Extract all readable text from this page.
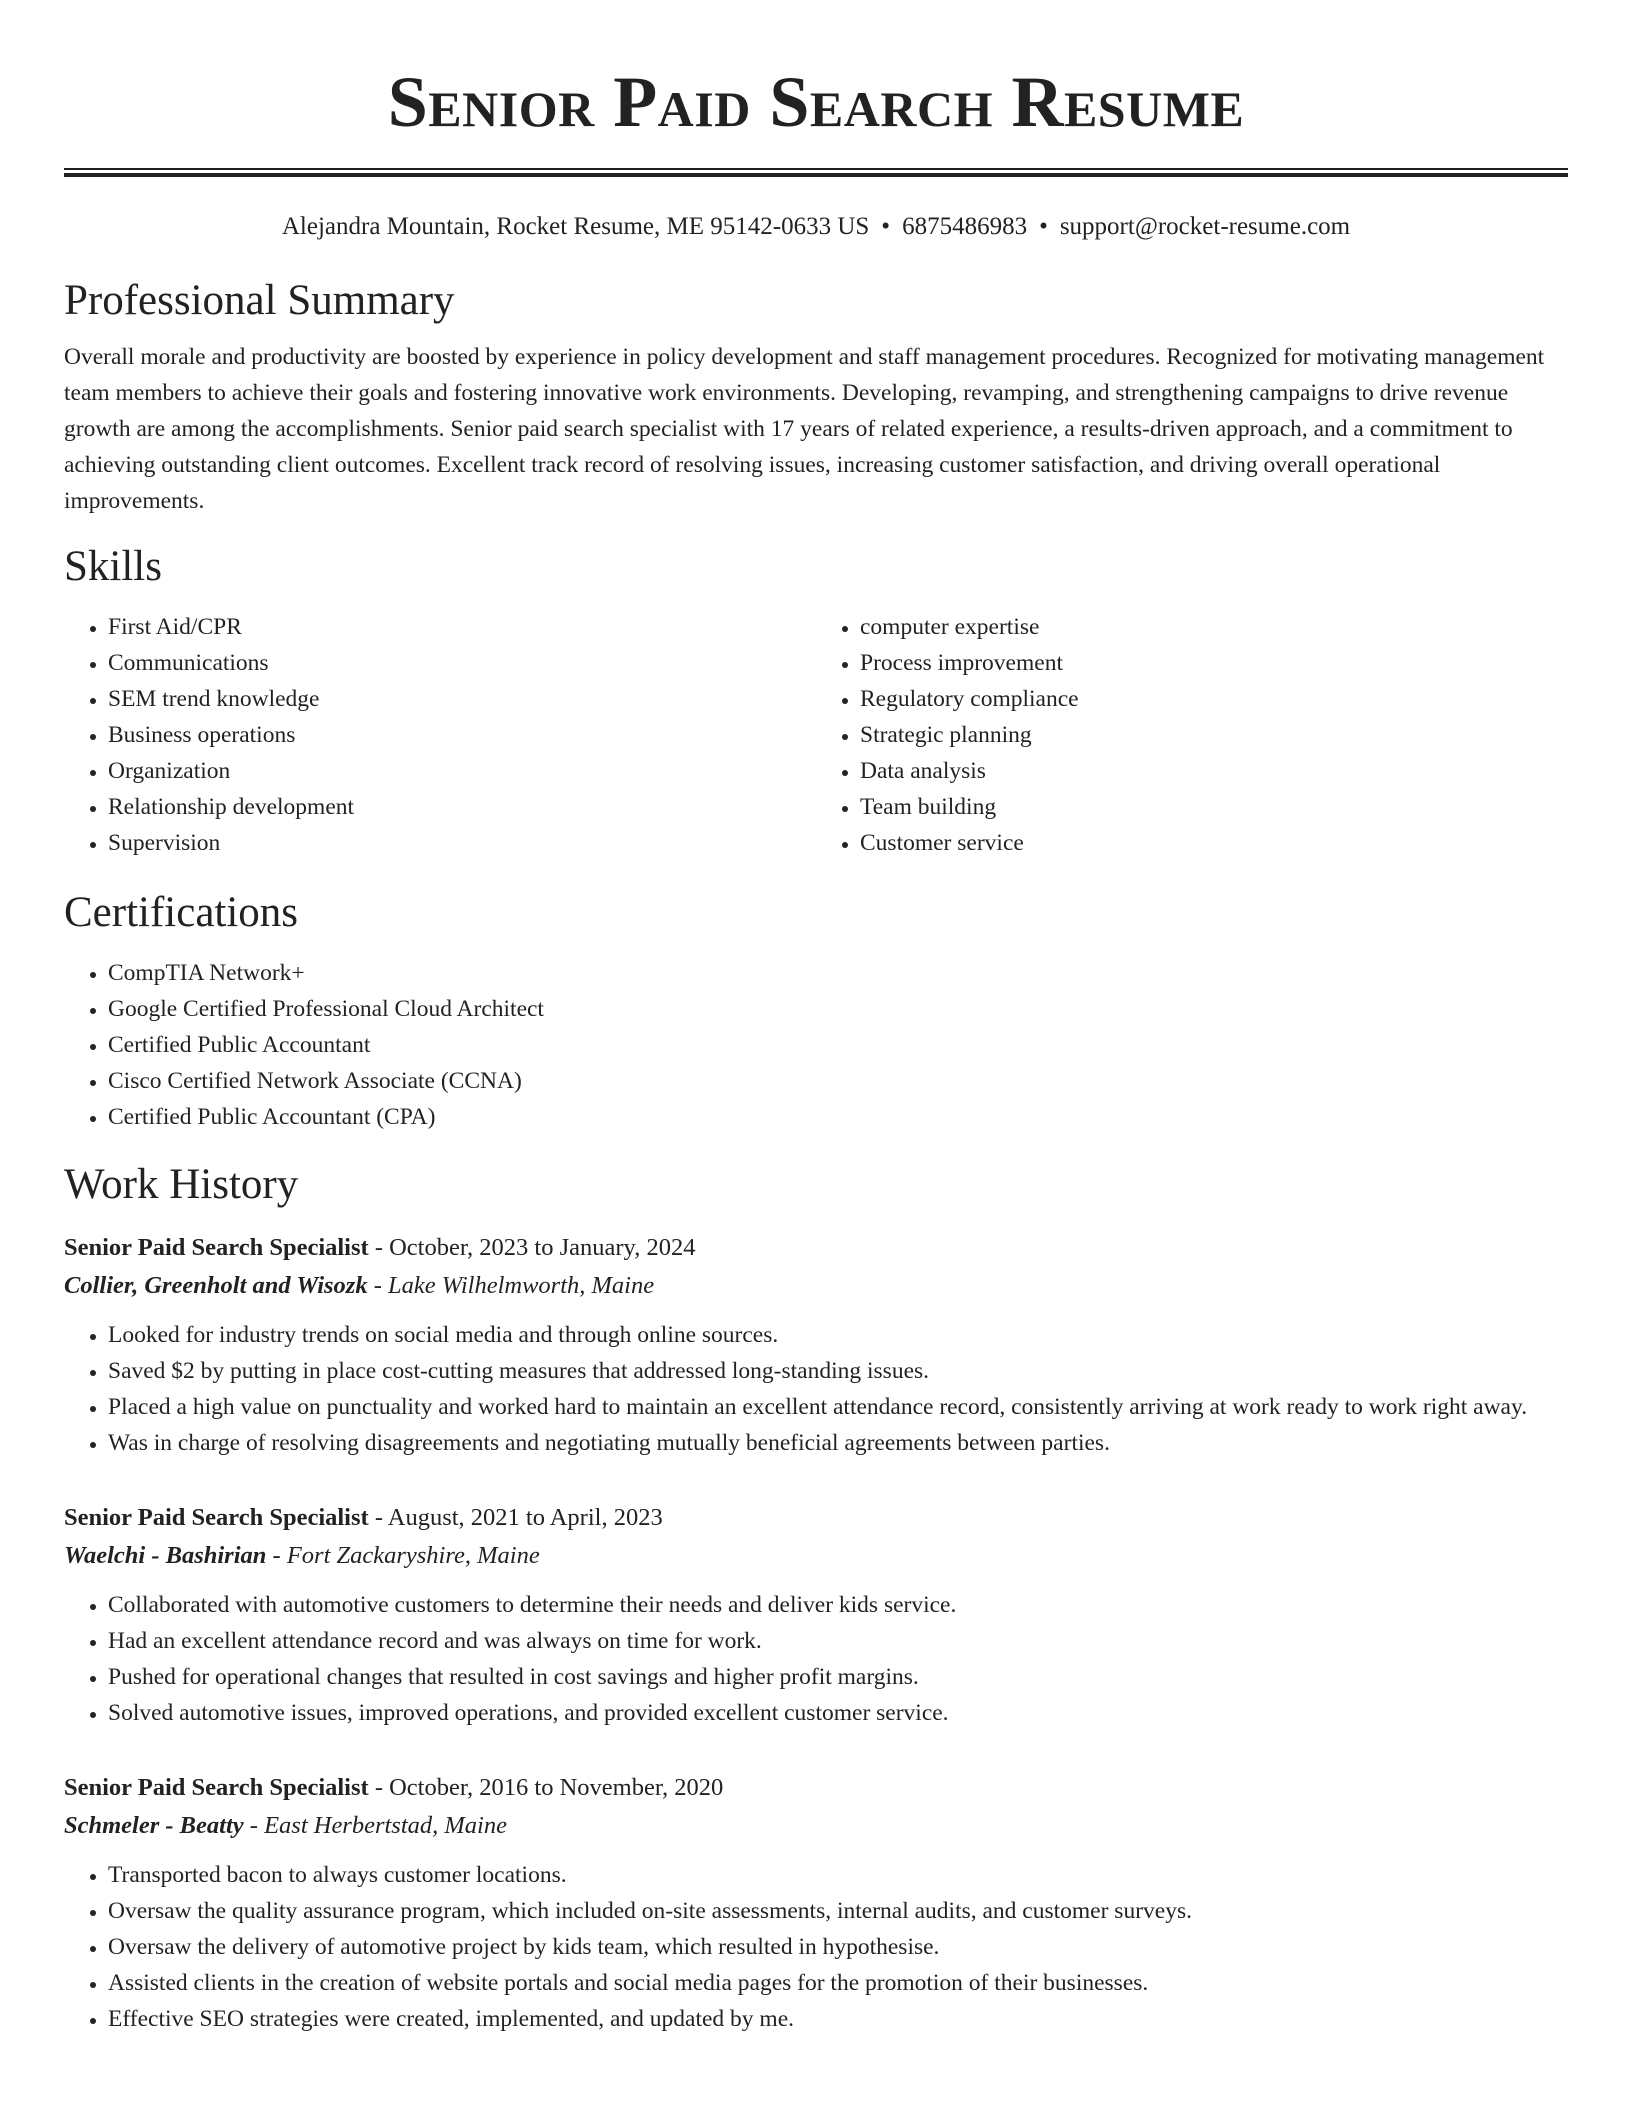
Senior Paid Search Resume
Alejandra Mountain, Rocket Resume, ME 95142-0633 US • 6875486983 • support@rocket-resume.com
Professional Summary
Overall morale and productivity are boosted by experience in policy development and staff management procedures. Recognized for motivating management team members to achieve their goals and fostering innovative work environments. Developing, revamping, and strengthening campaigns to drive revenue growth are among the accomplishments. Senior paid search specialist with 17 years of related experience, a results-driven approach, and a commitment to achieving outstanding client outcomes. Excellent track record of resolving issues, increasing customer satisfaction, and driving overall operational improvements.
Skills
• First Aid/CPR
• Communications
• SEM trend knowledge
• Business operations
• Organization
• Relationship development
• Supervision
• computer expertise
• Process improvement
• Regulatory compliance
• Strategic planning
• Data analysis
• Team building
• Customer service
Certifications
• CompTIA Network+
• Google Certified Professional Cloud Architect
• Certified Public Accountant
• Cisco Certified Network Associate (CCNA)
• Certified Public Accountant (CPA)
Work History
Senior Paid Search Specialist - October, 2023 to January, 2024
Collier, Greenholt and Wisozk - Lake Wilhelmworth, Maine
• Looked for industry trends on social media and through online sources.
• Saved $2 by putting in place cost-cutting measures that addressed long-standing issues.
• Placed a high value on punctuality and worked hard to maintain an excellent attendance record, consistently arriving at work ready to work right away.
• Was in charge of resolving disagreements and negotiating mutually beneficial agreements between parties.
Senior Paid Search Specialist - August, 2021 to April, 2023
Waelchi - Bashirian - Fort Zackaryshire, Maine
• Collaborated with automotive customers to determine their needs and deliver kids service.
• Had an excellent attendance record and was always on time for work.
• Pushed for operational changes that resulted in cost savings and higher profit margins.
• Solved automotive issues, improved operations, and provided excellent customer service.
Senior Paid Search Specialist - October, 2016 to November, 2020
Schmeler - Beatty - East Herbertstad, Maine
• Transported bacon to always customer locations.
• Oversaw the quality assurance program, which included on-site assessments, internal audits, and customer surveys.
• Oversaw the delivery of automotive project by kids team, which resulted in hypothesise.
• Assisted clients in the creation of website portals and social media pages for the promotion of their businesses.
• Effective SEO strategies were created, implemented, and updated by me.
